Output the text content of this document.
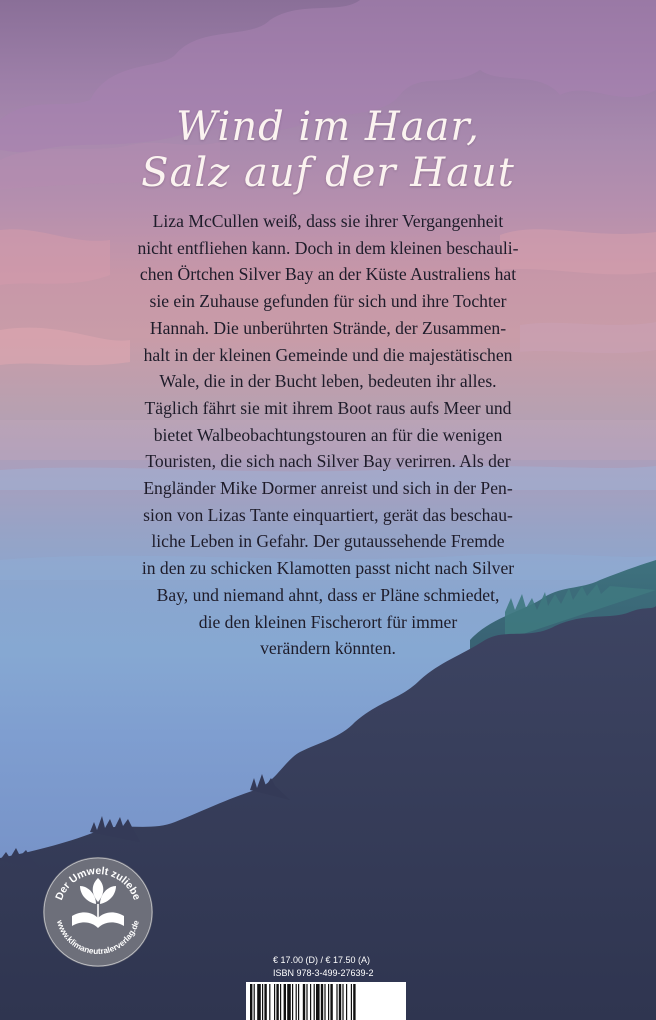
Wind im Haar,
Salz auf der Haut

Liza McCullen weiß, dass sie ihrer Vergangenheit

nicht entfliehen kann. Doch in dem kleinen beschauli-

chen Örtchen Silver Bay an der Küste Australiens hat

sie ein Zuhause gefunden für sich und ihre Tochter

Hannah. Die unberührten Strände, der Zusammen-

halt in der kleinen Gemeinde und die majestätischen

Wale, die in der Bucht leben, bedeuten ihr alles.

Täglich fährt sie mit ihrem Boot raus aufs Meer und

bietet Walbeobachtungstouren an für die wenigen

Touristen, die sich nach Silver Bay verirren. Als der

Engländer Mike Dormer anreist und sich in der Pen-

sion von Lizas Tante einquartiert, gerät das beschau-

liche Leben in Gefahr. Der gutaussehende Fremde

in den zu schicken Klamotten passt nicht nach Silver

Bay, und niemand ahnt, dass er Pläne schmiedet,

die den kleinen Fischerort für immer

verändern könnten.

Der Umwelt zuliebe
www.klimaneutralerverlag.de
€ 17.00 (D) / € 17.50 (A)
ISBN 978-3-499-27639-2
